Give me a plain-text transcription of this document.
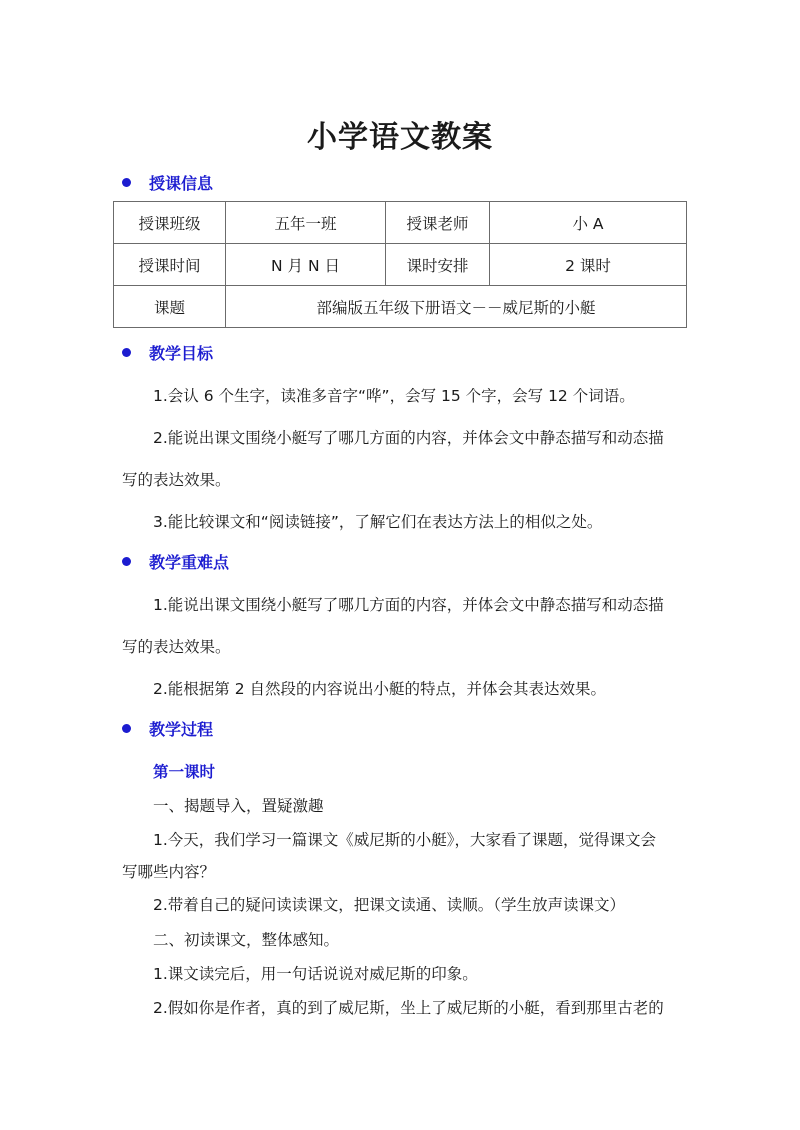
小学语文教案
授课信息
授课班级	五年一班	授课老师	小 A
授课时间	N 月 N 日	课时安排	2 课时
课题	部编版五年级下册语文－－威尼斯的小艇		
教学目标
1.会认 6 个生字，读准多音字“哗”，会写 15 个字，会写 12 个词语。
2.能说出课文围绕小艇写了哪几方面的内容，并体会文中静态描写和动态描
写的表达效果。
3.能比较课文和“阅读链接”，了解它们在表达方法上的相似之处。
教学重难点
1.能说出课文围绕小艇写了哪几方面的内容，并体会文中静态描写和动态描
写的表达效果。
2.能根据第 2 自然段的内容说出小艇的特点，并体会其表达效果。
教学过程
第一课时
一、揭题导入，置疑激趣
1.今天，我们学习一篇课文《威尼斯的小艇》，大家看了课题，觉得课文会
写哪些内容？
2.带着自己的疑问读读课文，把课文读通、读顺。（学生放声读课文）
二、初读课文，整体感知。
1.课文读完后，用一句话说说对威尼斯的印象。
2.假如你是作者，真的到了威尼斯，坐上了威尼斯的小艇，看到那里古老的
